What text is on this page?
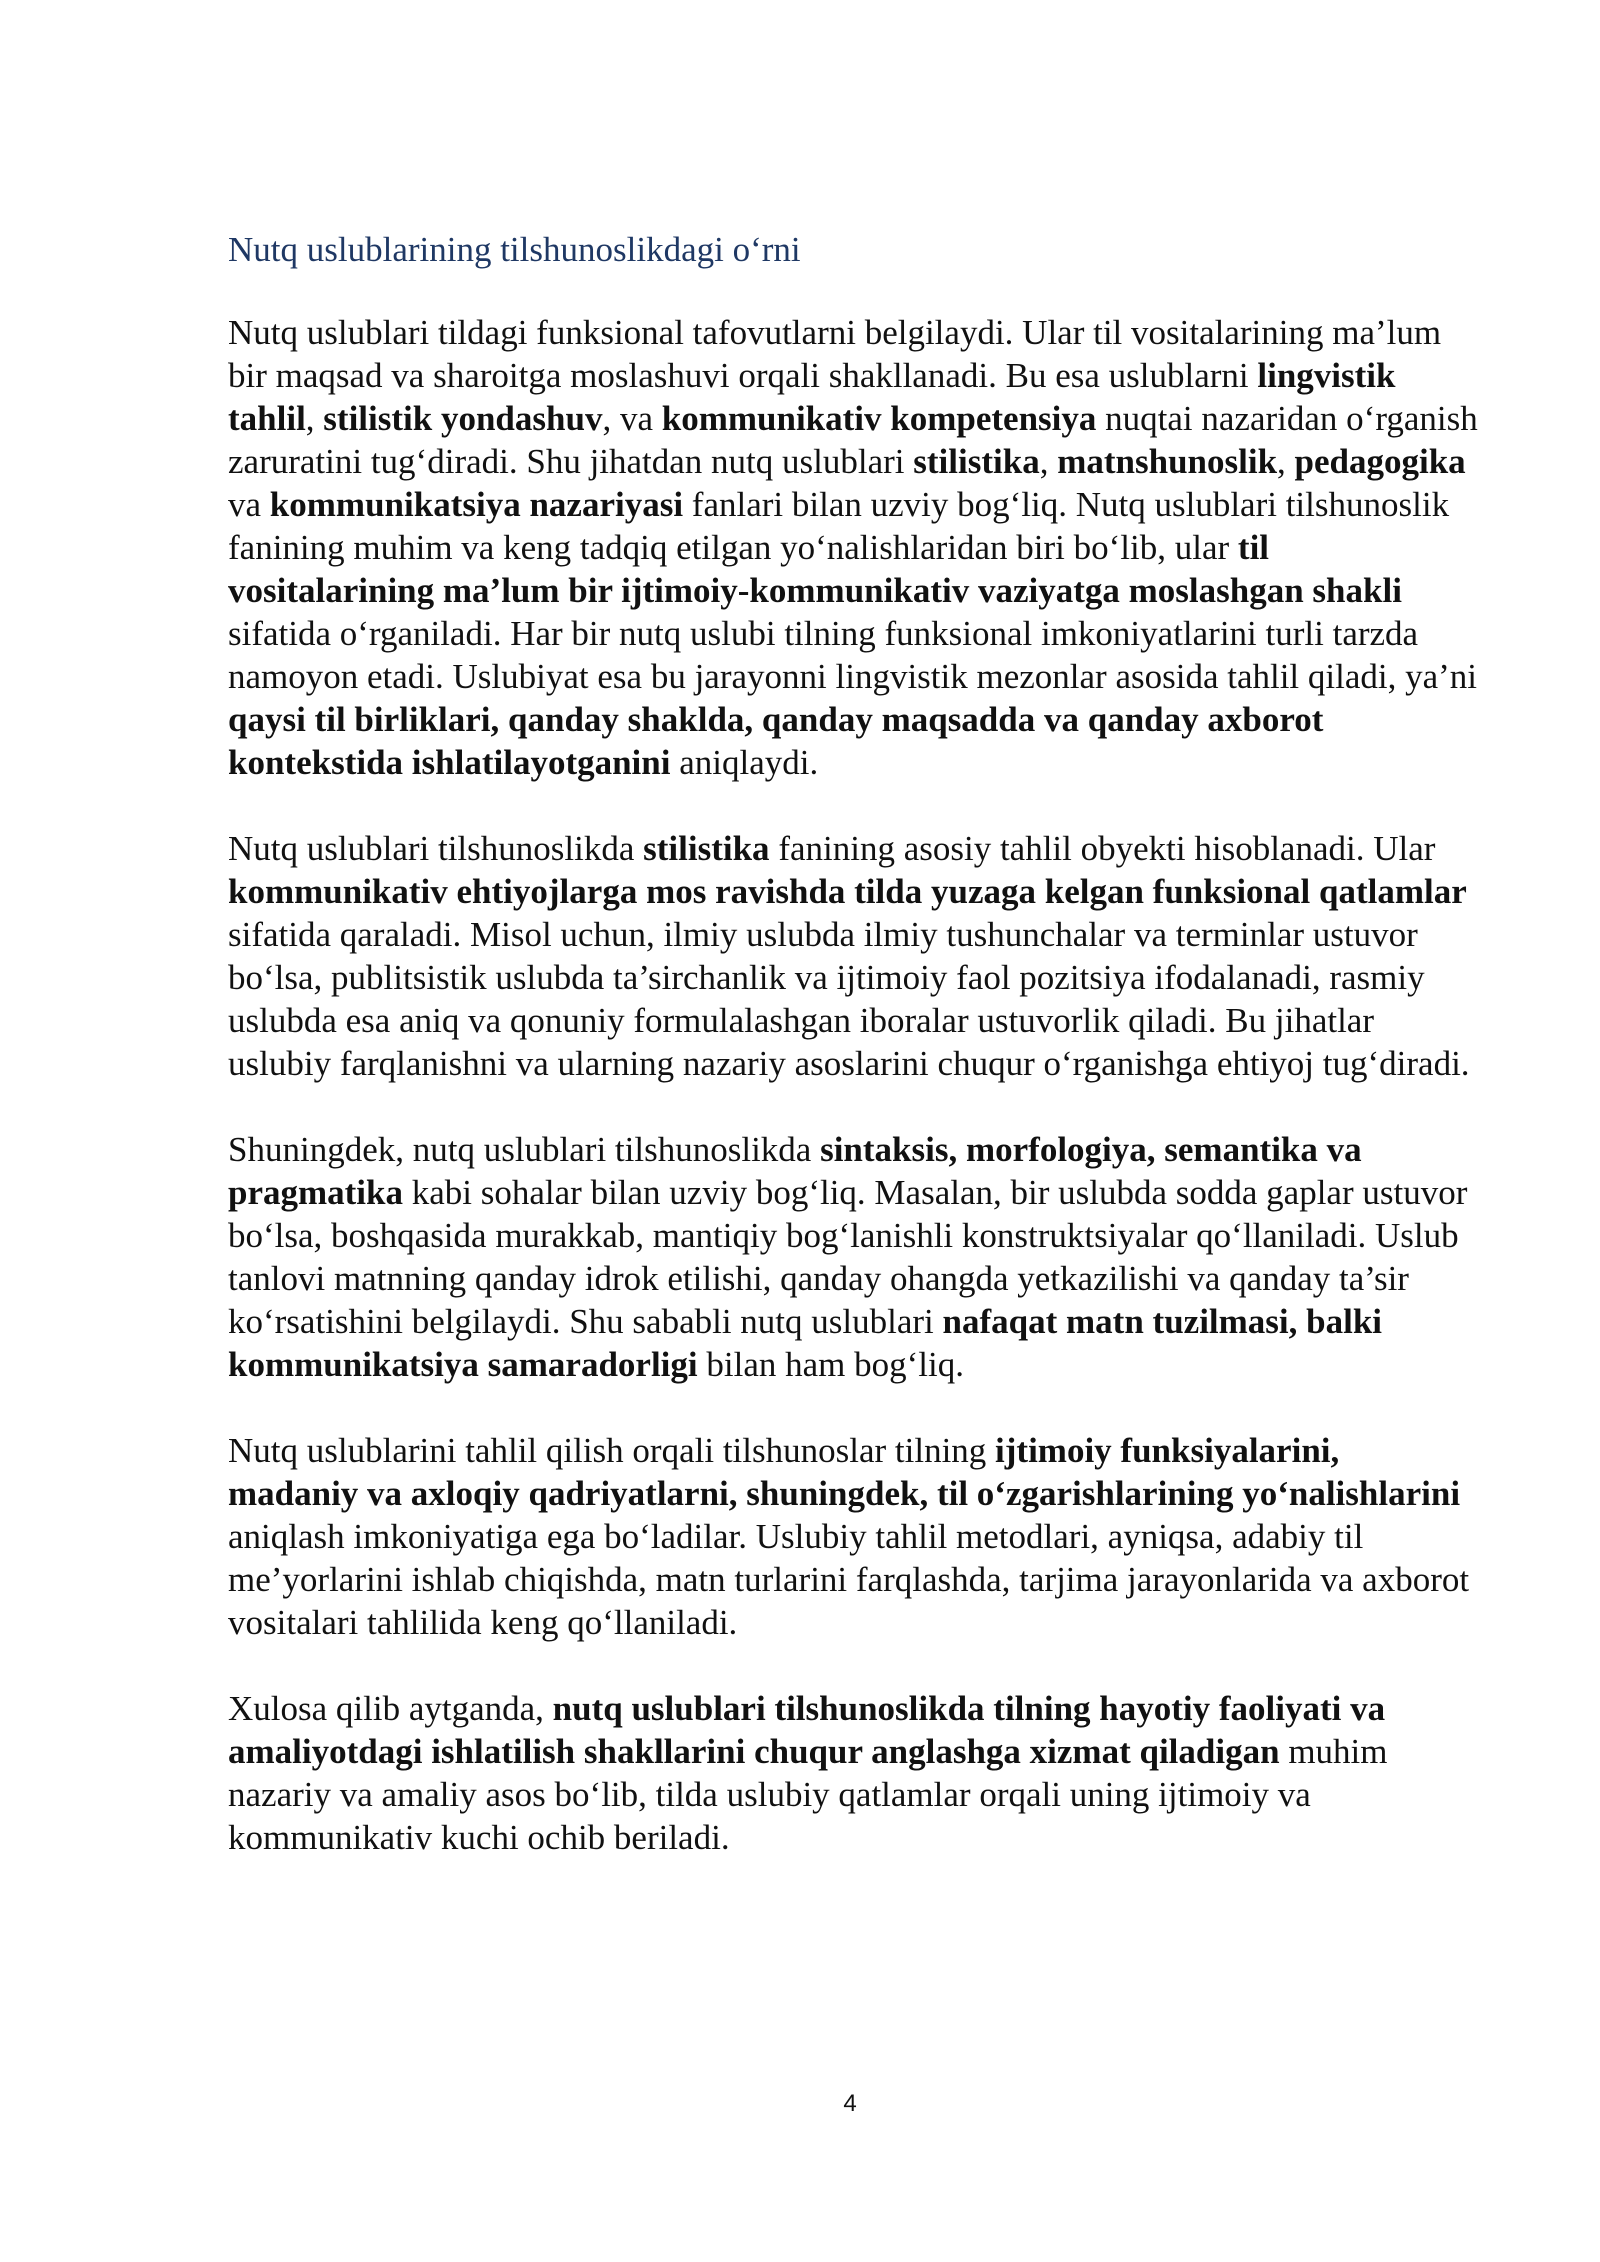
Nutq uslublarining tilshunoslikdagi o‘rni

Nutq uslublari tildagi funksional tafovutlarni belgilaydi. Ular til vositalarining ma’lum bir maqsad va sharoitga moslashuvi orqali shakllanadi. Bu esa uslublarni lingvistik tahlil, stilistik yondashuv, va kommunikativ kompetensiya nuqtai nazaridan o‘rganish zaruratini tug‘diradi. Shu jihatdan nutq uslublari stilistika, matnshunoslik, pedagogika va kommunikatsiya nazariyasi fanlari bilan uzviy bog‘liq. Nutq uslublari tilshunoslik fanining muhim va keng tadqiq etilgan yo‘nalishlaridan biri bo‘lib, ular til vositalarining ma’lum bir ijtimoiy-kommunikativ vaziyatga moslashgan shakli sifatida o‘rganiladi. Har bir nutq uslubi tilning funksional imkoniyatlarini turli tarzda namoyon etadi. Uslubiyat esa bu jarayonni lingvistik mezonlar asosida tahlil qiladi, ya’ni qaysi til birliklari, qanday shaklda, qanday maqsadda va qanday axborot kontekstida ishlatilayotganini aniqlaydi.

Nutq uslublari tilshunoslikda stilistika fanining asosiy tahlil obyekti hisoblanadi. Ular kommunikativ ehtiyojlarga mos ravishda tilda yuzaga kelgan funksional qatlamlar sifatida qaraladi. Misol uchun, ilmiy uslubda ilmiy tushunchalar va terminlar ustuvor bo‘lsa, publitsistik uslubda ta’sirchanlik va ijtimoiy faol pozitsiya ifodalanadi, rasmiy uslubda esa aniq va qonuniy formulalashgan iboralar ustuvorlik qiladi. Bu jihatlar uslubiy farqlanishni va ularning nazariy asoslarini chuqur o‘rganishga ehtiyoj tug‘diradi.

Shuningdek, nutq uslublari tilshunoslikda sintaksis, morfologiya, semantika va pragmatika kabi sohalar bilan uzviy bog‘liq. Masalan, bir uslubda sodda gaplar ustuvor bo‘lsa, boshqasida murakkab, mantiqiy bog‘lanishli konstruktsiyalar qo‘llaniladi. Uslub tanlovi matnning qanday idrok etilishi, qanday ohangda yetkazilishi va qanday ta’sir ko‘rsatishini belgilaydi. Shu sababli nutq uslublari nafaqat matn tuzilmasi, balki kommunikatsiya samaradorligi bilan ham bog‘liq.

Nutq uslublarini tahlil qilish orqali tilshunoslar tilning ijtimoiy funksiyalarini, madaniy va axloqiy qadriyatlarni, shuningdek, til o‘zgarishlarining yo‘nalishlarini aniqlash imkoniyatiga ega bo‘ladilar. Uslubiy tahlil metodlari, ayniqsa, adabiy til me’yorlarini ishlab chiqishda, matn turlarini farqlashda, tarjima jarayonlarida va axborot vositalari tahlilida keng qo‘llaniladi.

Xulosa qilib aytganda, nutq uslublari tilshunoslikda tilning hayotiy faoliyati va amaliyotdagi ishlatilish shakllarini chuqur anglashga xizmat qiladigan muhim nazariy va amaliy asos bo‘lib, tilda uslubiy qatlamlar orqali uning ijtimoiy va kommunikativ kuchi ochib beriladi.

4
